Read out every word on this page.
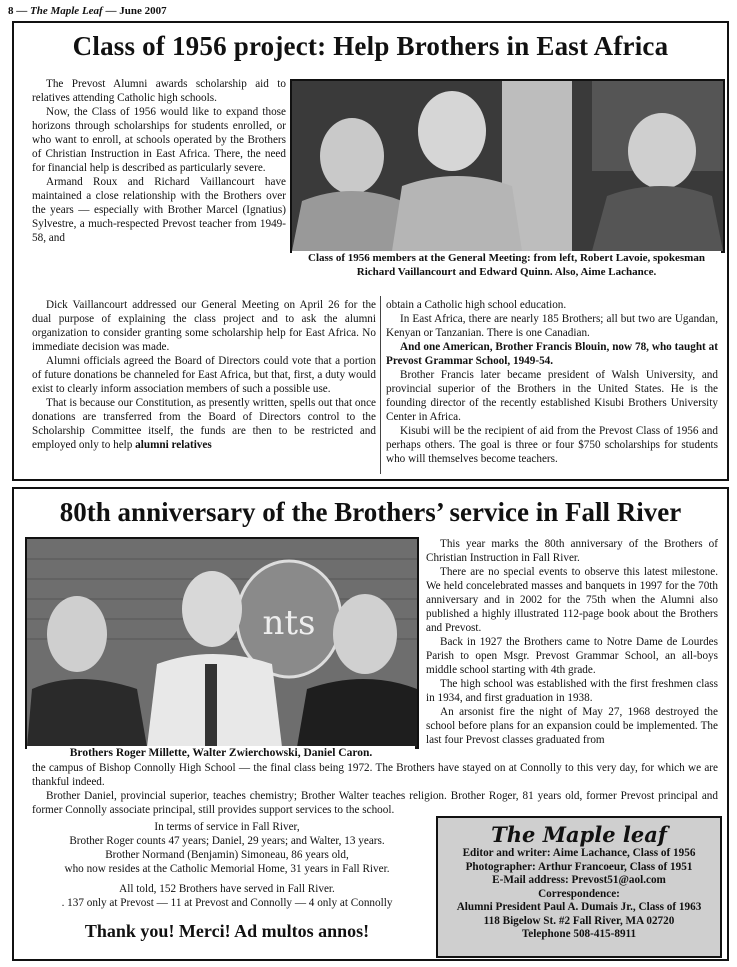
8 — The Maple Leaf — June 2007
Class of 1956 project: Help Brothers in East Africa

The Prevost Alumni awards scholarship aid to relatives attending Catholic high schools.

Now, the Class of 1956 would like to expand those horizons through scholarships for students enrolled, or who want to enroll, at schools operated by the Brothers of Christian Instruction in East Africa. There, the need for financial help is described as particularly severe.

Armand Roux and Richard Vaillancourt have maintained a close relationship with the Brothers over the years — especially with Brother Marcel (Ignatius) Sylvestre, a much-respected Prevost teacher from 1949-58, and

Class of 1956 members at the General Meeting: from left, Robert Lavoie, spokesman Richard Vaillancourt and Edward Quinn. Also, Aime Lachance.

Dick Vaillancourt addressed our General Meeting on April 26 for the dual purpose of explaining the class project and to ask the alumni organization to consider granting some scholarship help for East Africa. No immediate decision was made.

Alumni officials agreed the Board of Directors could vote that a portion of future donations be channeled for East Africa, but that, first, a duty would exist to clearly inform association members of such a possible use.

That is because our Constitution, as presently written, spells out that once donations are transferred from the Board of Directors control to the Scholarship Committee itself, the funds are then to be restricted and employed only to help alumni relatives

obtain a Catholic high school education.

In East Africa, there are nearly 185 Brothers; all but two are Ugandan, Kenyan or Tanzanian. There is one Canadian.

And one American, Brother Francis Blouin, now 78, who taught at Prevost Grammar School, 1949-54.

Brother Francis later became president of Walsh University, and provincial superior of the Brothers in the United States. He is the founding director of the recently established Kisubi Brothers University Center in Africa.

Kisubi will be the recipient of aid from the Prevost Class of 1956 and perhaps others. The goal is three or four $750 scholarships for students who will themselves become teachers.

80th anniversary of the Brothers’ service in Fall River
nts
Brothers Roger Millette, Walter Zwierchowski, Daniel Caron.

This year marks the 80th anniversary of the Brothers of Christian Instruction in Fall River.

There are no special events to observe this latest milestone. We held concelebrated masses and banquets in 1997 for the 70th anniversary and in 2002 for the 75th when the Alumni also published a highly illustrated 112-page book about the Brothers and Prevost.

Back in 1927 the Brothers came to Notre Dame de Lourdes Parish to open Msgr. Prevost Grammar School, an all-boys middle school starting with 4th grade.

The high school was established with the first freshmen class in 1934, and first graduation in 1938.

An arsonist fire the night of May 27, 1968 destroyed the school before plans for an expansion could be implemented. The last four Prevost classes graduated from

the campus of Bishop Connolly High School — the final class being 1972. The Brothers have stayed on at Connolly to this very day, for which we are thankful indeed.

Brother Daniel, provincial superior, teaches chemistry; Brother Walter teaches religion. Brother Roger, 81 years old, former Prevost principal and former Connolly associate principal, still provides support services to the school.

In terms of service in Fall River,
Brother Roger counts 47 years; Daniel, 29 years; and Walter, 13 years.
Brother Normand (Benjamin) Simoneau, 86 years old,
who now resides at the Catholic Memorial Home, 31 years in Fall River.
All told, 152 Brothers have served in Fall River.
. 137 only at Prevost — 11 at Prevost and Connolly — 4 only at Connolly
Thank you! Merci! Ad multos annos!
The Maple leaf
Editor and writer: Aime Lachance, Class of 1956
Photographer: Arthur Francoeur, Class of 1951
E-Mail address: Prevost51@aol.com
Correspondence:
Alumni President Paul A. Dumais Jr., Class of 1963
118 Bigelow St. #2 Fall River, MA 02720
Telephone 508-415-8911
